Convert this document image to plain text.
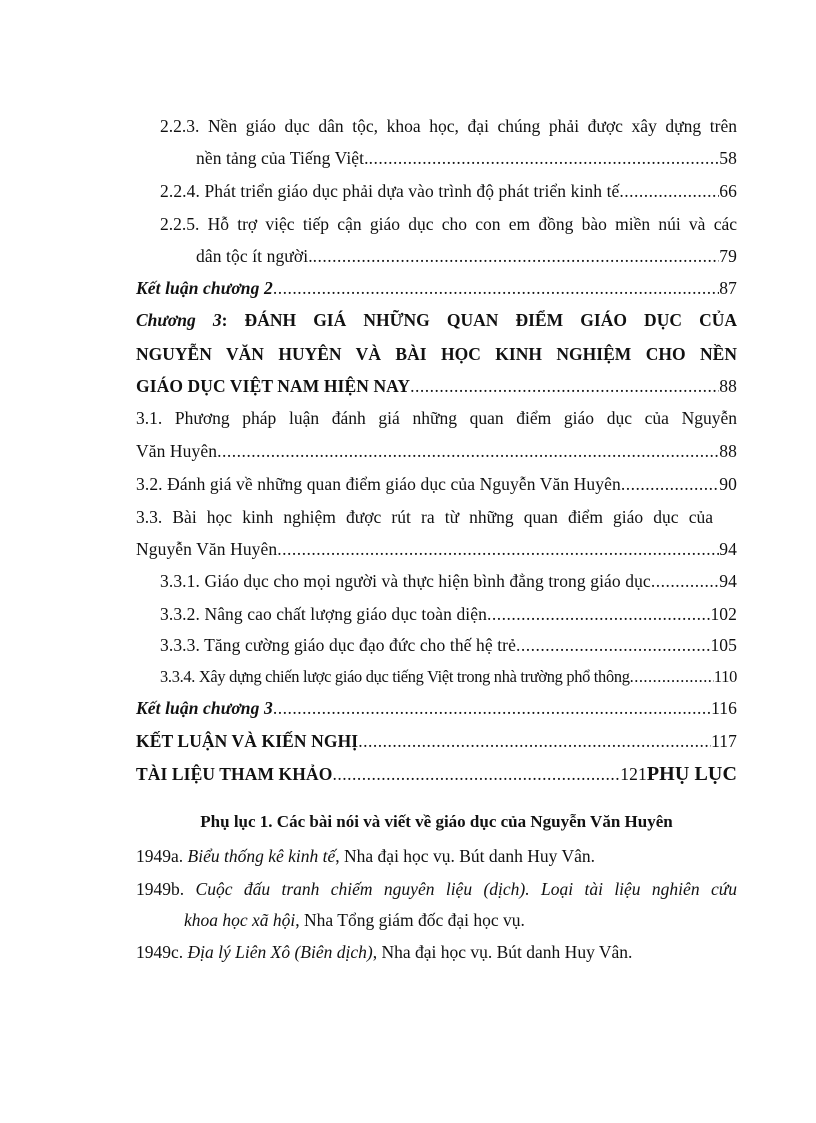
2.2.3. Nền giáo dục dân tộc, khoa học, đại chúng phải được xây dựng trên
nền tảng của Tiếng Việt. .....	58
2.2.4. Phát triển giáo dục phải dựa vào trình độ phát triển kinh tế .....	66
2.2.5. Hỗ trợ việc tiếp cận giáo dục cho con em đồng bào miền núi và các
dân tộc ít người. .....	79
Kết luận chương 2 .....	87
Chương 3: ĐÁNH GIÁ NHỮNG QUAN ĐIỂM GIÁO DỤC CỦA
NGUYỄN VĂN HUYÊN VÀ BÀI HỌC KINH NGHIỆM CHO NỀN
GIÁO DỤC VIỆT NAM HIỆN NAY .....	88
3.1. Phương pháp luận đánh giá những quan điểm giáo dục của Nguyễn
Văn Huyên .....	88
3.2. Đánh giá về những quan điểm giáo dục của Nguyễn Văn Huyên .....	90
3.3. Bài học kinh nghiệm được rút ra từ những quan điểm giáo dục của
Nguyễn Văn Huyên .....	94
3.3.1. Giáo dục cho mọi người và thực hiện bình đẳng trong giáo dục .....	94
3.3.2. Nâng cao chất lượng giáo dục toàn diện .....	102
3.3.3. Tăng cường giáo dục đạo đức cho thế hệ trẻ .....	105
3.3.4. Xây dựng chiến lược giáo dục tiếng Việt trong nhà trường phổ thông .....	110
Kết luận chương 3 .....	116
KẾT LUẬN VÀ KIẾN NGHỊ .....	117
TÀI LIỆU THAM KHẢO .....	121 PHỤ LỤC
Phụ lục 1. Các bài nói và viết về giáo dục của Nguyễn Văn Huyên
1949a. Biểu thống kê kinh tế, Nha đại học vụ. Bút danh Huy Vân.
1949b. Cuộc đấu tranh chiếm nguyên liệu (dịch). Loại tài liệu nghiên cứu
khoa học xã hội, Nha Tổng giám đốc đại học vụ.
1949c. Địa lý Liên Xô (Biên dịch), Nha đại học vụ. Bút danh Huy Vân.
